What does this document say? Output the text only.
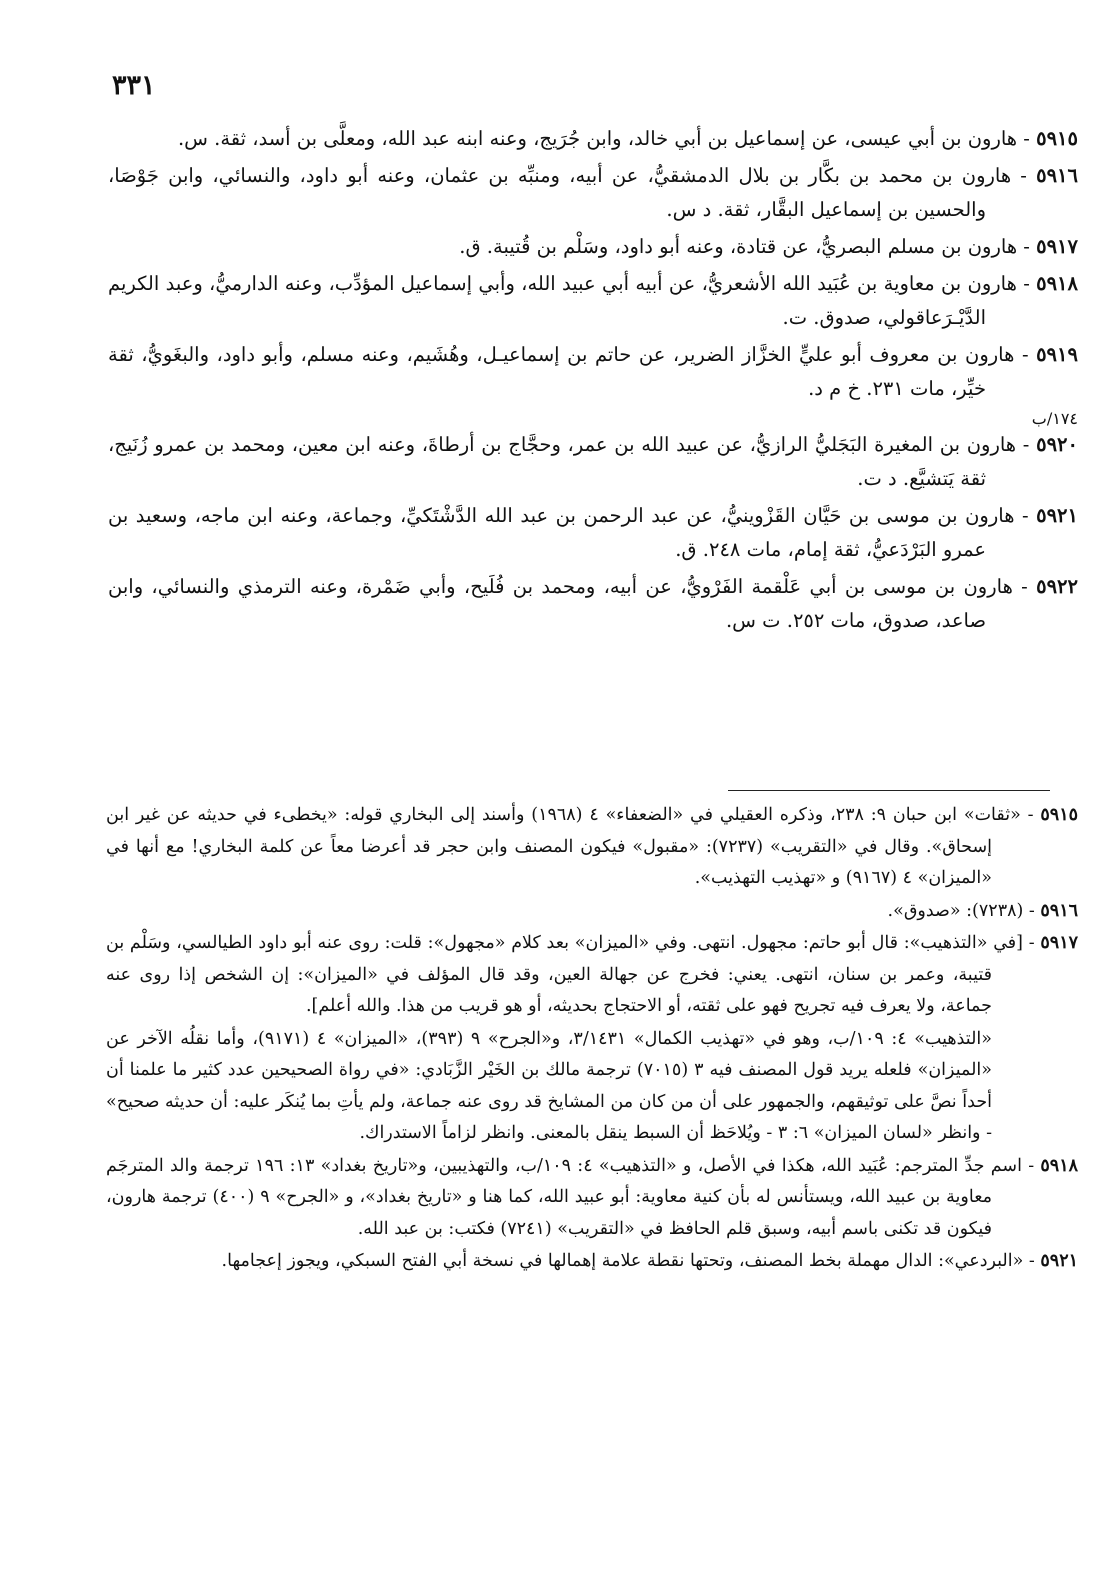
٣٣١

٥٩١٥ - هارون بن أبي عيسى، عن إسماعيل بن أبي خالد، وابن جُرَيج، وعنه ابنه عبد الله، ومعلَّى بن أسد، ثقة. س.

٥٩١٦ - هارون بن محمد بن بكَّار بن بلال الدمشقيُّ، عن أبيه، ومنبِّه بن عثمان، وعنه أبو داود، والنسائي، وابن جَوْصَا، والحسين بن إسماعيل البقَّار، ثقة. د س.

٥٩١٧ - هارون بن مسلم البصريُّ، عن قتادة، وعنه أبو داود، وسَلْم بن قُتيبة. ق.

٥٩١٨ - هارون بن معاوية بن عُبَيد الله الأشعريُّ، عن أبيه أبي عبيد الله، وأبي إسماعيل المؤدِّب، وعنه الدارميُّ، وعبد الكريم الدَّيْـرَعاقولي، صدوق. ت.

٥٩١٩ - هارون بن معروف أبو عليٍّ الخزَّاز الضرير، عن حاتم بن إسماعيـل، وهُشَيم، وعنه مسلم، وأبو داود، والبغَويُّ، ثقة خيِّر، مات ٢٣١. خ م د.

١٧٤/ب

٥٩٢٠ - هارون بن المغيرة البَجَليُّ الرازيُّ، عن عبيد الله بن عمر، وحجَّاج بن أرطاةَ، وعنه ابن معين، ومحمد بن عمرو زُنَيج، ثقة يَتشيَّع. د ت.

٥٩٢١ - هارون بن موسى بن حَيَّان القَزْوينيُّ، عن عبد الرحمن بن عبد الله الدَّشْتَكيِّ، وجماعة، وعنه ابن ماجه، وسعيد بن عمرو البَرْدَعيُّ، ثقة إمام، مات ٢٤٨. ق.

٥٩٢٢ - هارون بن موسى بن أبي عَلْقمة الفَرْويُّ، عن أبيه، ومحمد بن فُلَيح، وأبي ضَمْرة، وعنه الترمذي والنسائي، وابن صاعد، صدوق، مات ٢٥٢. ت س.

٥٩١٥ - «ثقات» ابن حبان ٩: ٢٣٨، وذكره العقيلي في «الضعفاء» ٤ (١٩٦٨) وأسند إلى البخاري قوله: «يخطىء في حديثه عن غير ابن إسحاق». وقال في «التقريب» (٧٢٣٧): «مقبول» فيكون المصنف وابن حجر قد أعرضا معاً عن كلمة البخاري! مع أنها في «الميزان» ٤ (٩١٦٧) و «تهذيب التهذيب».

٥٩١٦ - (٧٢٣٨): «صدوق».

٥٩١٧ - [في «التذهيب»: قال أبو حاتم: مجهول. انتهى. وفي «الميزان» بعد كلام «مجهول»: قلت: روى عنه أبو داود الطيالسي، وسَلْم بن قتيبة، وعمر بن سنان، انتهى. يعني: فخرج عن جهالة العين، وقد قال المؤلف في «الميزان»: إن الشخص إذا روى عنه جماعة، ولا يعرف فيه تجريح فهو على ثقته، أو الاحتجاج بحديثه، أو هو قريب من هذا. والله أعلم].

«التذهيب» ٤: ١٠٩/ب، وهو في «تهذيب الكمال» ٣/١٤٣١، و«الجرح» ٩ (٣٩٣)، «الميزان» ٤ (٩١٧١)، وأما نقلُه الآخر عن «الميزان» فلعله يريد قول المصنف فيه ٣ (٧٠١٥) ترجمة مالك بن الخَيْر الزَّبَادي: «في رواة الصحيحين عدد كثير ما علمنا أن أحداً نصَّ على توثيقهم، والجمهور على أن من كان من المشايخ قد روى عنه جماعة، ولم يأتِ بما يُنكَر عليه: أن حديثه صحيح» - وانظر «لسان الميزان» ٦: ٣ - ويُلاحَظ أن السبط ينقل بالمعنى. وانظر لزاماً الاستدراك.

٥٩١٨ - اسم جدِّ المترجم: عُبَيد الله، هكذا في الأصل، و «التذهيب» ٤: ١٠٩/ب، والتهذيبين، و«تاريخ بغداد» ١٣: ١٩٦ ترجمة والد المترجَم معاوية بن عبيد الله، ويستأنس له بأن كنية معاوية: أبو عبيد الله، كما هنا و «تاريخ بغداد»، و «الجرح» ٩ (٤٠٠) ترجمة هارون، فيكون قد تكنى باسم أبيه، وسبق قلم الحافظ في «التقريب» (٧٢٤١) فكتب: بن عبد الله.

٥٩٢١ - «البردعي»: الدال مهملة بخط المصنف، وتحتها نقطة علامة إهمالها في نسخة أبي الفتح السبكي، ويجوز إعجامها.
